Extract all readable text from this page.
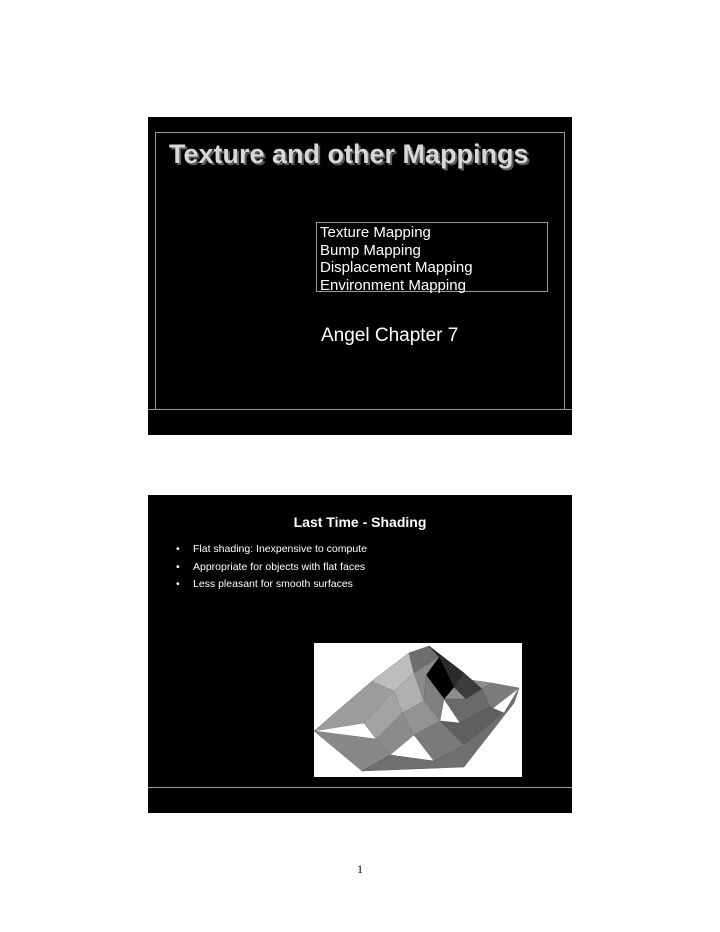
Texture and other Mappings
Texture Mapping
Bump Mapping
Displacement Mapping
Environment Mapping
Angel Chapter 7
Last Time - Shading
• Flat shading: Inexpensive to compute
• Appropriate for objects with flat faces
• Less pleasant for smooth surfaces
1
